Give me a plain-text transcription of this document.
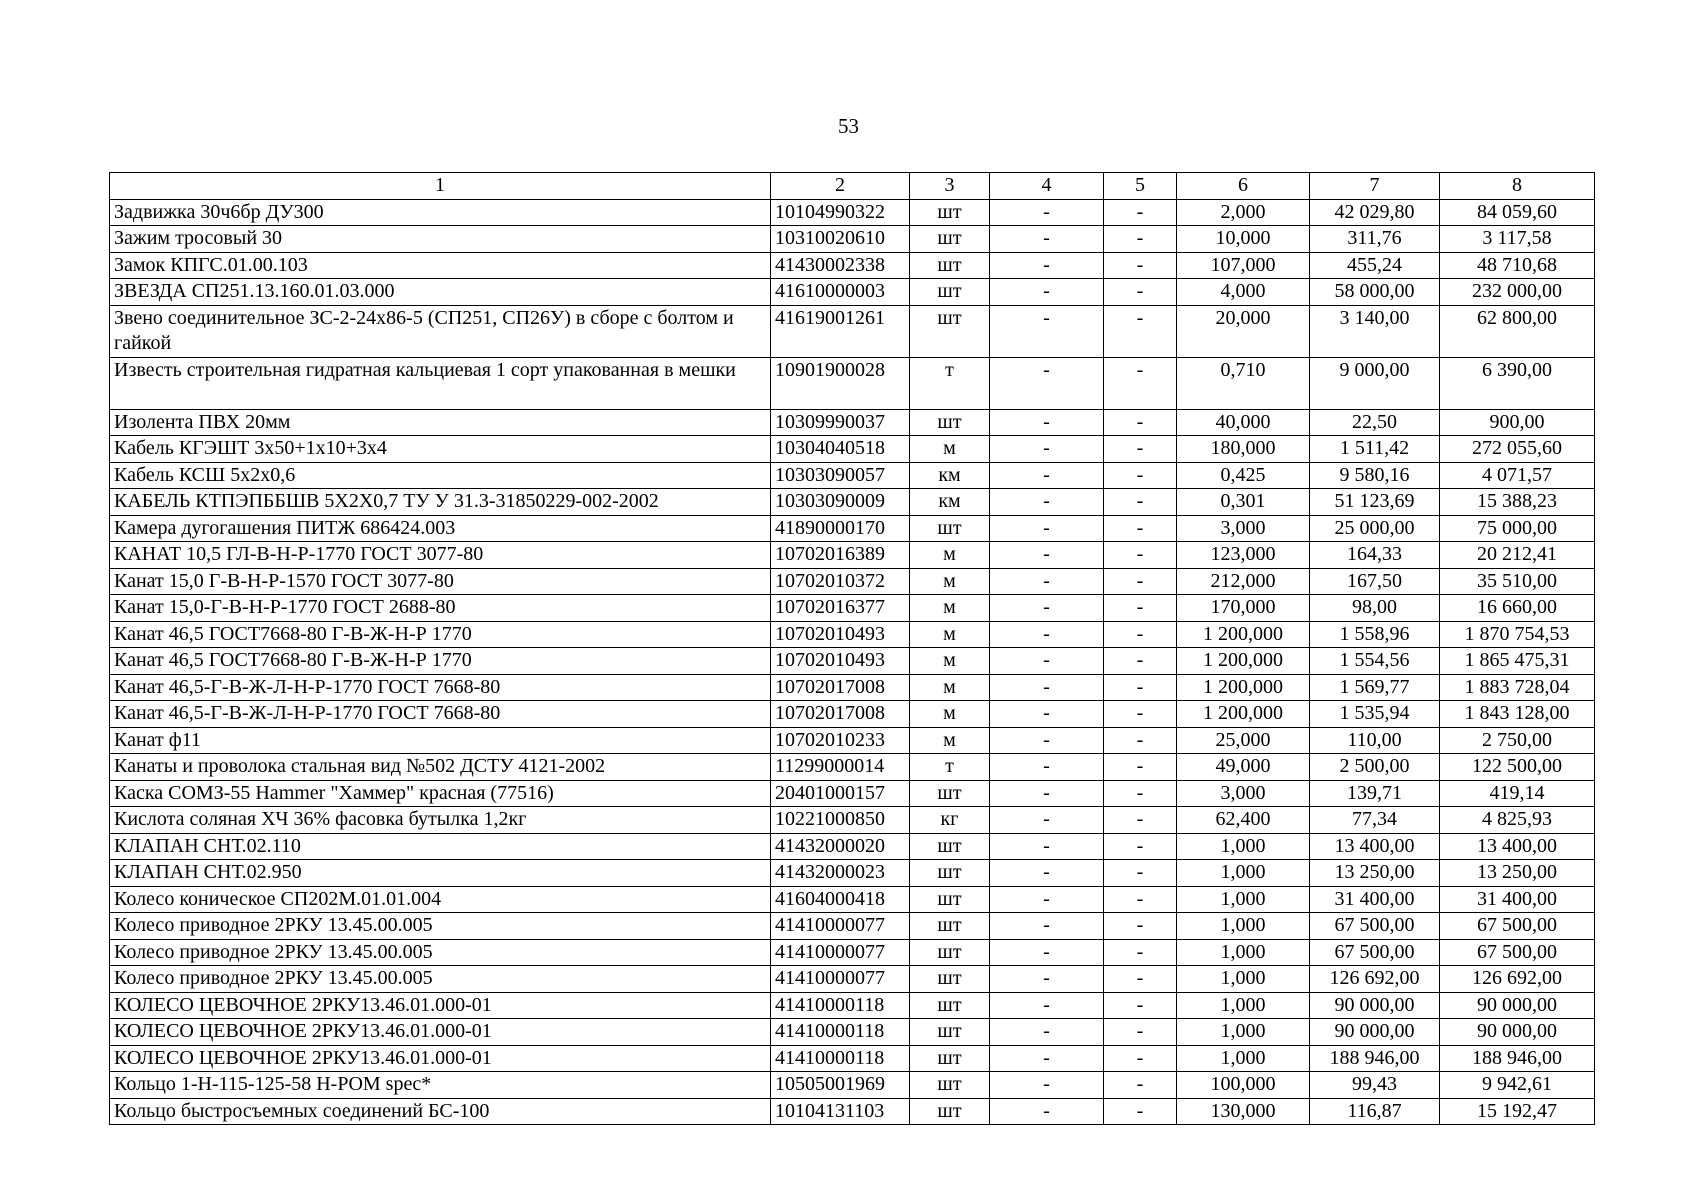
53
1	2	3	4	5	6	7	8
Задвижка 30ч6бр ДУ300	10104990322	шт	-	-	2,000	42 029,80	84 059,60
Зажим тросовый 30	10310020610	шт	-	-	10,000	311,76	3 117,58
Замок КПГС.01.00.103	41430002338	шт	-	-	107,000	455,24	48 710,68
ЗВЕЗДА СП251.13.160.01.03.000	41610000003	шт	-	-	4,000	58 000,00	232 000,00
Звено соединительное ЗС-2-24х86-5 (СП251, СП26У) в сборе с болтом и гайкой	41619001261	шт	-	-	20,000	3 140,00	62 800,00
Известь строительная гидратная кальциевая 1 сорт упакованная в мешки	10901900028	т	-	-	0,710	9 000,00	6 390,00
Изолента ПВХ 20мм	10309990037	шт	-	-	40,000	22,50	900,00
Кабель КГЭШТ 3х50+1х10+3х4	10304040518	м	-	-	180,000	1 511,42	272 055,60
Кабель КСШ 5х2х0,6	10303090057	км	-	-	0,425	9 580,16	4 071,57
КАБЕЛЬ КТПЭПББШВ 5Х2Х0,7 ТУ У 31.3-31850229-002-2002	10303090009	км	-	-	0,301	51 123,69	15 388,23
Камера дугогашения ПИТЖ 686424.003	41890000170	шт	-	-	3,000	25 000,00	75 000,00
КАНАТ 10,5 ГЛ-В-Н-Р-1770 ГОСТ 3077-80	10702016389	м	-	-	123,000	164,33	20 212,41
Канат 15,0 Г-В-Н-Р-1570 ГОСТ 3077-80	10702010372	м	-	-	212,000	167,50	35 510,00
Канат 15,0-Г-В-Н-Р-1770 ГОСТ 2688-80	10702016377	м	-	-	170,000	98,00	16 660,00
Канат 46,5 ГОСТ7668-80 Г-В-Ж-Н-Р 1770	10702010493	м	-	-	1 200,000	1 558,96	1 870 754,53
Канат 46,5 ГОСТ7668-80 Г-В-Ж-Н-Р 1770	10702010493	м	-	-	1 200,000	1 554,56	1 865 475,31
Канат 46,5-Г-В-Ж-Л-Н-Р-1770 ГОСТ 7668-80	10702017008	м	-	-	1 200,000	1 569,77	1 883 728,04
Канат 46,5-Г-В-Ж-Л-Н-Р-1770 ГОСТ 7668-80	10702017008	м	-	-	1 200,000	1 535,94	1 843 128,00
Канат ф11	10702010233	м	-	-	25,000	110,00	2 750,00
Канаты и проволока стальная вид №502 ДСТУ 4121-2002	11299000014	т	-	-	49,000	2 500,00	122 500,00
Каска СОМЗ-55 Hammer "Хаммер" красная (77516)	20401000157	шт	-	-	3,000	139,71	419,14
Кислота соляная ХЧ 36% фасовка бутылка 1,2кг	10221000850	кг	-	-	62,400	77,34	4 825,93
КЛАПАН СНТ.02.110	41432000020	шт	-	-	1,000	13 400,00	13 400,00
КЛАПАН СНТ.02.950	41432000023	шт	-	-	1,000	13 250,00	13 250,00
Колесо коническое СП202М.01.01.004	41604000418	шт	-	-	1,000	31 400,00	31 400,00
Колесо приводное 2РКУ 13.45.00.005	41410000077	шт	-	-	1,000	67 500,00	67 500,00
Колесо приводное 2РКУ 13.45.00.005	41410000077	шт	-	-	1,000	67 500,00	67 500,00
Колесо приводное 2РКУ 13.45.00.005	41410000077	шт	-	-	1,000	126 692,00	126 692,00
КОЛЕСО ЦЕВОЧНОЕ 2РКУ13.46.01.000-01	41410000118	шт	-	-	1,000	90 000,00	90 000,00
КОЛЕСО ЦЕВОЧНОЕ 2РКУ13.46.01.000-01	41410000118	шт	-	-	1,000	90 000,00	90 000,00
КОЛЕСО ЦЕВОЧНОЕ 2РКУ13.46.01.000-01	41410000118	шт	-	-	1,000	188 946,00	188 946,00
Кольцо 1-Н-115-125-58 H-POM spec*	10505001969	шт	-	-	100,000	99,43	9 942,61
Кольцо быстросъемных соединений БС-100	10104131103	шт	-	-	130,000	116,87	15 192,47
